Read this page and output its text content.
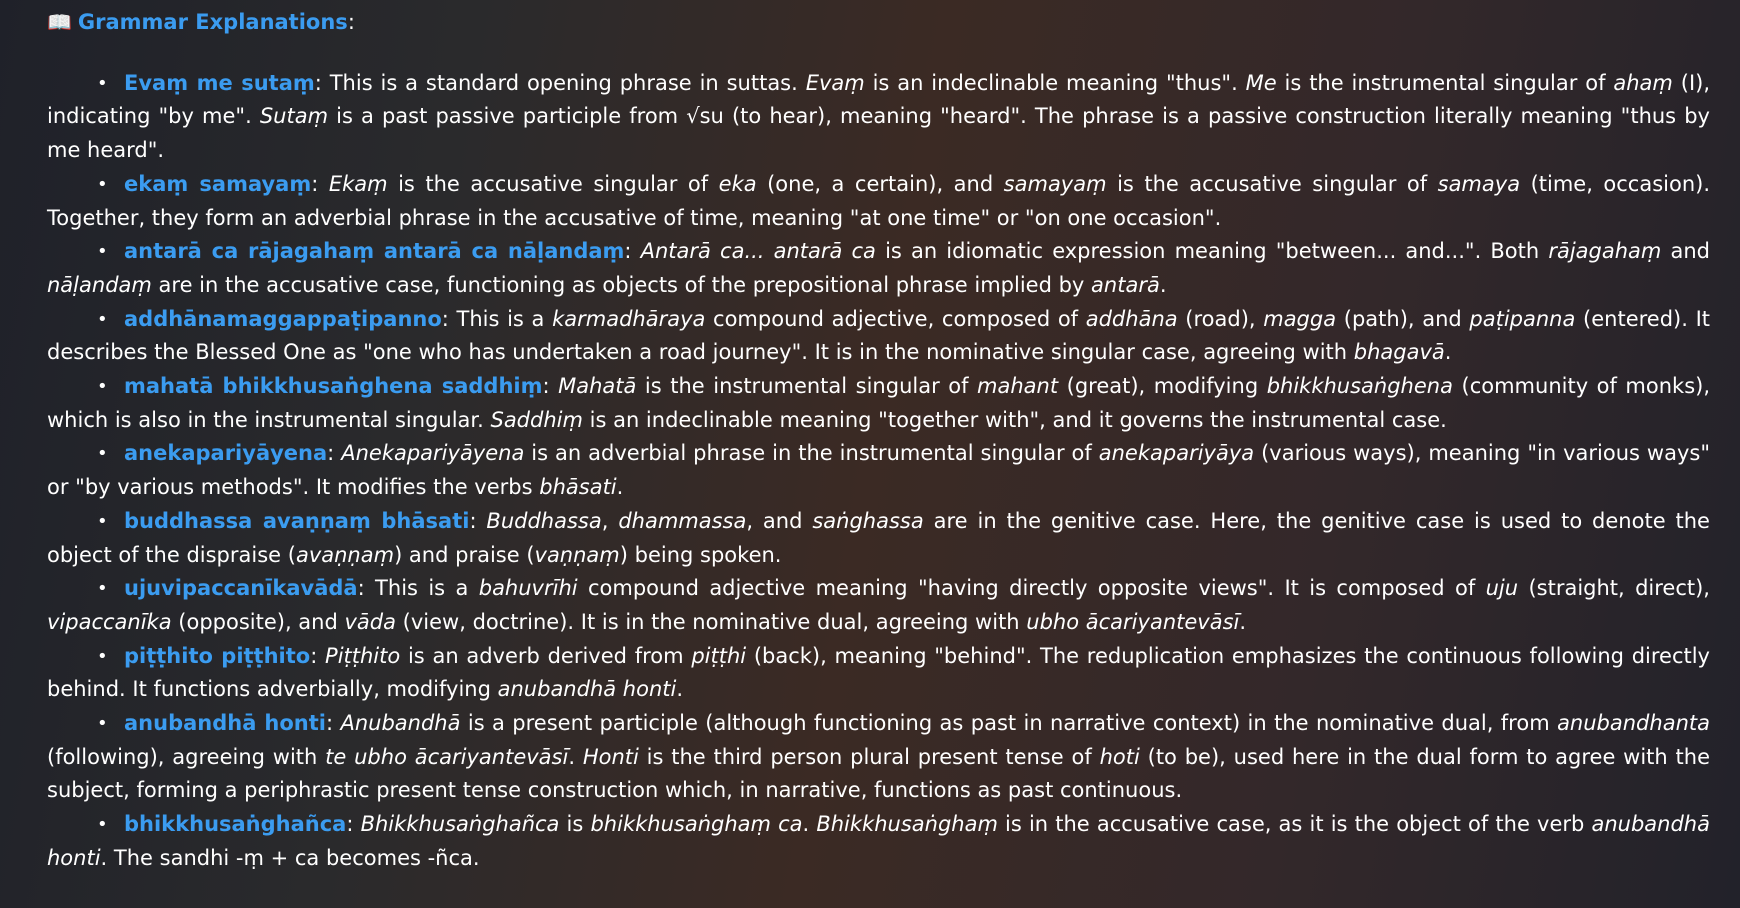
📖 Grammar Explanations:
• Evaṃ me sutaṃ: This is a standard opening phrase in suttas. Evaṃ is an indeclinable meaning "thus". Me is the instrumental singular of ahaṃ (I), indicating "by me". Sutaṃ is a past passive participle from √su (to hear), meaning "heard". The phrase is a passive construction literally meaning "thus by me heard".
• ekaṃ samayaṃ: Ekaṃ is the accusative singular of eka (one, a certain), and samayaṃ is the accusative singular of samaya (time, occasion). Together, they form an adverbial phrase in the accusative of time, meaning "at one time" or "on one occasion".
• antarā ca rājagahaṃ antarā ca nāḷandaṃ: Antarā ca... antarā ca is an idiomatic expression meaning "between... and...". Both rājagahaṃ and nāḷandaṃ are in the accusative case, functioning as objects of the prepositional phrase implied by antarā.
• addhānamaggappaṭipanno: This is a karmadhāraya compound adjective, composed of addhāna (road), magga (path), and paṭipanna (entered). It describes the Blessed One as "one who has undertaken a road journey". It is in the nominative singular case, agreeing with bhagavā.
• mahatā bhikkhusaṅghena saddhiṃ: Mahatā is the instrumental singular of mahant (great), modifying bhikkhusaṅghena (community of monks), which is also in the instrumental singular. Saddhiṃ is an indeclinable meaning "together with", and it governs the instrumental case.
• anekapariyāyena: Anekapariyāyena is an adverbial phrase in the instrumental singular of anekapariyāya (various ways), meaning "in various ways" or "by various methods". It modifies the verbs bhāsati.
• buddhassa avaṇṇaṃ bhāsati: Buddhassa, dhammassa, and saṅghassa are in the genitive case. Here, the genitive case is used to denote the object of the dispraise (avaṇṇaṃ) and praise (vaṇṇaṃ) being spoken.
• ujuvipaccanīkavādā: This is a bahuvrīhi compound adjective meaning "having directly opposite views". It is composed of uju (straight, direct), vipaccanīka (opposite), and vāda (view, doctrine). It is in the nominative dual, agreeing with ubho ācariyantevāsī.
• piṭṭhito piṭṭhito: Piṭṭhito is an adverb derived from piṭṭhi (back), meaning "behind". The reduplication emphasizes the continuous following directly behind. It functions adverbially, modifying anubandhā honti.
• anubandhā honti: Anubandhā is a present participle (although functioning as past in narrative context) in the nominative dual, from anubandhanta (following), agreeing with te ubho ācariyantevāsī. Honti is the third person plural present tense of hoti (to be), used here in the dual form to agree with the subject, forming a periphrastic present tense construction which, in narrative, functions as past continuous.
• bhikkhusaṅghañca: Bhikkhusaṅghañca is bhikkhusaṅghaṃ ca. Bhikkhusaṅghaṃ is in the accusative case, as it is the object of the verb anubandhā honti. The sandhi -ṃ + ca becomes -ñca.
